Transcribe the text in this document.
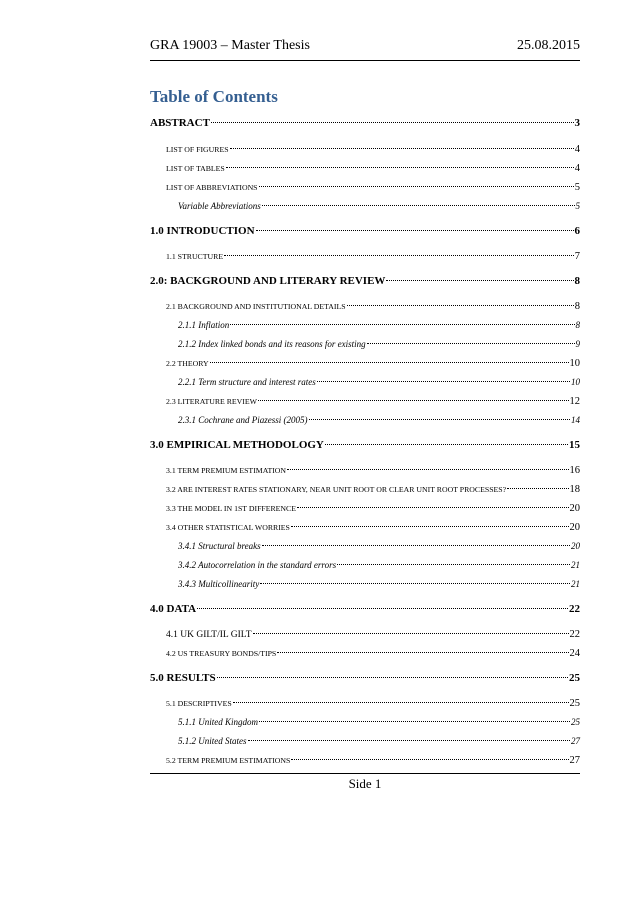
GRA 19003 – Master Thesis	25.08.2015
Table of Contents
ABSTRACT	3
LIST OF FIGURES	4
LIST OF TABLES	4
LIST OF ABBREVIATIONS	5
Variable Abbreviations	5
1.0 INTRODUCTION	6
1.1 STRUCTURE	7
2.0: BACKGROUND AND LITERARY REVIEW	8
2.1 BACKGROUND AND INSTITUTIONAL DETAILS	8
2.1.1 Inflation	8
2.1.2 Index linked bonds and its reasons for existing	9
2.2 THEORY	10
2.2.1 Term structure and interest rates	10
2.3 LITERATURE REVIEW	12
2.3.1 Cochrane and Piazessi (2005)	14
3.0 EMPIRICAL METHODOLOGY	15
3.1 TERM PREMIUM ESTIMATION	16
3.2 ARE INTEREST RATES STATIONARY, NEAR UNIT ROOT OR CLEAR UNIT ROOT PROCESSES?	18
3.3 THE MODEL IN 1ST DIFFERENCE	20
3.4 OTHER STATISTICAL WORRIES	20
3.4.1 Structural breaks	20
3.4.2 Autocorrelation in the standard errors	21
3.4.3 Multicollinearity	21
4.0 DATA	22
4.1 UK GILT/IL GILT	22
4.2 US TREASURY BONDS/TIPS	24
5.0 RESULTS	25
5.1 DESCRIPTIVES	25
5.1.1 United Kingdom	25
5.1.2 United States	27
5.2 TERM PREMIUM ESTIMATIONS	27
Side 1
